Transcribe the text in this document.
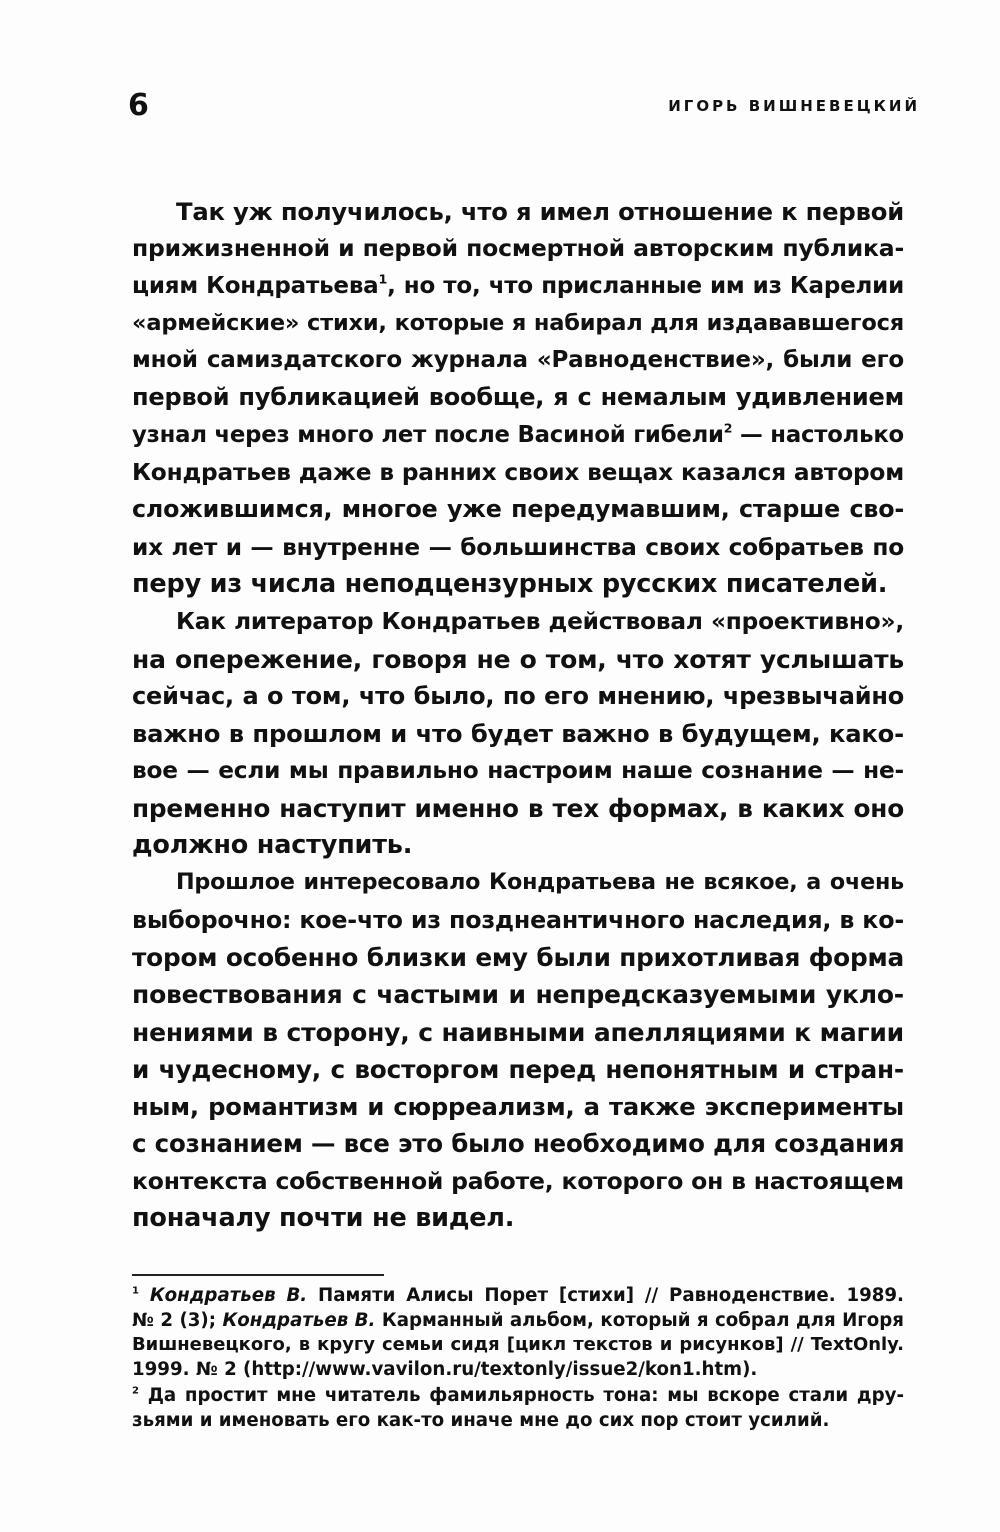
6	ИГОРЬ ВИШНЕВЕЦКИЙ

Так уж получилось, что я имел отношение к первой
прижизненной и первой посмертной авторским публика-
циям Кондратьева$^1$, но то, что присланные им из Карелии
«армейские» стихи, которые я набирал для издававшегося
мной самиздатского журнала «Равноденствие», были его
первой публикацией вообще, я с немалым удивлением
узнал через много лет после Васиной гибели$^2$ — настолько
Кондратьев даже в ранних своих вещах казался автором
сложившимся, многое уже передумавшим, старше сво-
их лет и — внутренне — большинства своих собратьев по
перу из числа неподцензурных русских писателей.

Как литератор Кондратьев действовал «проективно»,
на опережение, говоря не о том, что хотят услышать
сейчас, а о том, что было, по его мнению, чрезвычайно
важно в прошлом и что будет важно в будущем, како-
вое — если мы правильно настроим наше сознание — не-
пременно наступит именно в тех формах, в каких оно
должно наступить.

Прошлое интересовало Кондратьева не всякое, а очень
выборочно: кое-что из позднеантичного наследия, в ко-
тором особенно близки ему были прихотливая форма
повествования с частыми и непредсказуемыми укло-
нениями в сторону, с наивными апелляциями к магии
и чудесному, с восторгом перед непонятным и стран-
ным, романтизм и сюрреализм, а также эксперименты
с сознанием — все это было необходимо для создания
контекста собственной работе, которого он в настоящем
поначалу почти не видел.

$^1$ Кондратьев В. Памяти Алисы Порет [стихи] // Равноденствие. 1989.
№ 2 (3); Кондратьев В. Карманный альбом, который я собрал для Игоря
Вишневецкого, в кругу семьи сидя [цикл текстов и рисунков] // TextOnly.
1999. № 2 (http://www.vavilon.ru/textonly/issue2/kon1.htm).
$^2$ Да простит мне читатель фамильярность тона: мы вскоре стали дру-
зьями и именовать его как-то иначе мне до сих пор стоит усилий.
